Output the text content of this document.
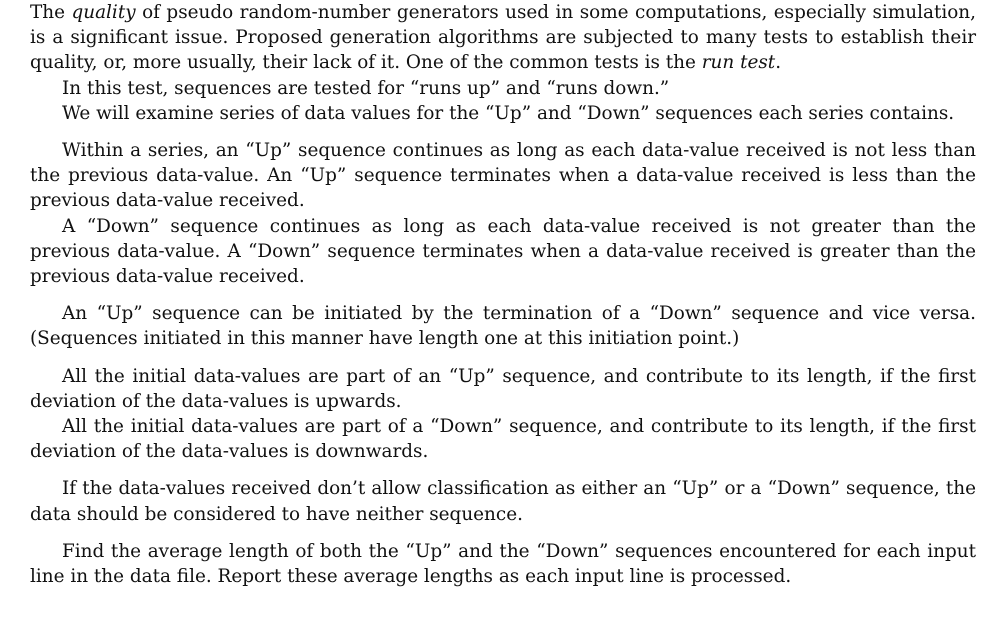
The quality of pseudo random-number generators used in some computations, especially simulation, is a significant issue. Proposed generation algorithms are subjected to many tests to establish their quality, or, more usually, their lack of it. One of the common tests is the run test.

In this test, sequences are tested for “runs up” and “runs down.”

We will examine series of data values for the “Up” and “Down” sequences each series contains.

Within a series, an “Up” sequence continues as long as each data-value received is not less than the previous data-value. An “Up” sequence terminates when a data-value received is less than the previous data-value received.

A “Down” sequence continues as long as each data-value received is not greater than the previous data-value. A “Down” sequence terminates when a data-value received is greater than the previous data-value received.

An “Up” sequence can be initiated by the termination of a “Down” sequence and vice versa. (Sequences initiated in this manner have length one at this initiation point.)

All the initial data-values are part of an “Up” sequence, and contribute to its length, if the first deviation of the data-values is upwards.

All the initial data-values are part of a “Down” sequence, and contribute to its length, if the first deviation of the data-values is downwards.

If the data-values received don’t allow classification as either an “Up” or a “Down” sequence, the data should be considered to have neither sequence.

Find the average length of both the “Up” and the “Down” sequences encountered for each input line in the data file. Report these average lengths as each input line is processed.
